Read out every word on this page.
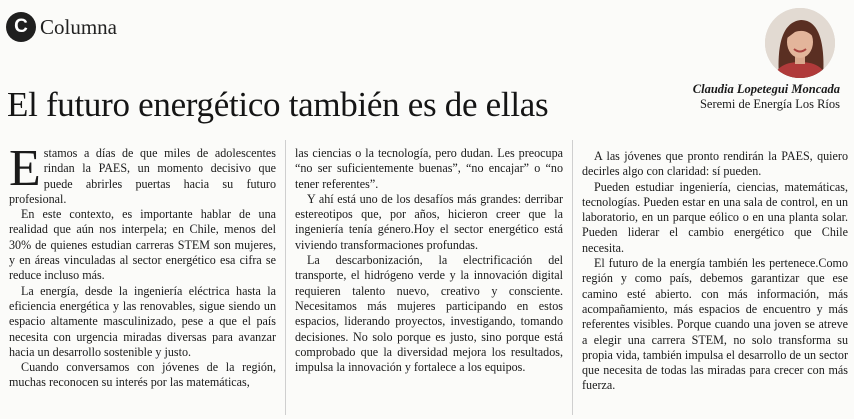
C Columna
Claudia Lopetegui Moncada
Seremi de Energía Los Ríos
El futuro energético también es de ellas

Estamos a días de que miles de adolescentes rindan la PAES, un momento decisivo que puede abrirles puertas hacia su futuro profesional.

En este contexto, es importante hablar de una realidad que aún nos interpela; en Chile, menos del 30% de quienes estudian carreras STEM son mujeres, y en áreas vinculadas al sector energético esa cifra se reduce incluso más.

La energía, desde la ingeniería eléctrica hasta la eficiencia energética y las renovables, sigue siendo un espacio altamente masculinizado, pese a que el país necesita con urgencia miradas diversas para avanzar hacia un desarrollo sostenible y justo.

Cuando conversamos con jóvenes de la región, muchas reconocen su interés por las matemáticas,

las ciencias o la tecnología, pero dudan. Les preocupa “no ser suficientemente buenas”, “no encajar” o “no tener referentes”.

Y ahí está uno de los desafíos más grandes: derribar estereotipos que, por años, hicieron creer que la ingeniería tenía género.Hoy el sector energético está viviendo transformaciones profundas.

La descarbonización, la electrificación del transporte, el hidrógeno verde y la innovación digital requieren talento nuevo, creativo y consciente. Necesitamos más mujeres participando en estos espacios, liderando proyectos, investigando, tomando decisiones. No solo porque es justo, sino porque está comprobado que la diversidad mejora los resultados, impulsa la innovación y fortalece a los equipos.

A las jóvenes que pronto rendirán la PAES, quiero decirles algo con claridad: sí pueden.

Pueden estudiar ingeniería, ciencias, matemáticas, tecnologías. Pueden estar en una sala de control, en un laboratorio, en un parque eólico o en una planta solar. Pueden liderar el cambio energético que Chile necesita.

El futuro de la energía también les pertenece.Como región y como país, debemos garantizar que ese camino esté abierto. con más información, más acompañamiento, más espacios de encuentro y más referentes visibles. Porque cuando una joven se atreve a elegir una carrera STEM, no solo transforma su propia vida, también impulsa el desarrollo de un sector que necesita de todas las miradas para crecer con más fuerza.
